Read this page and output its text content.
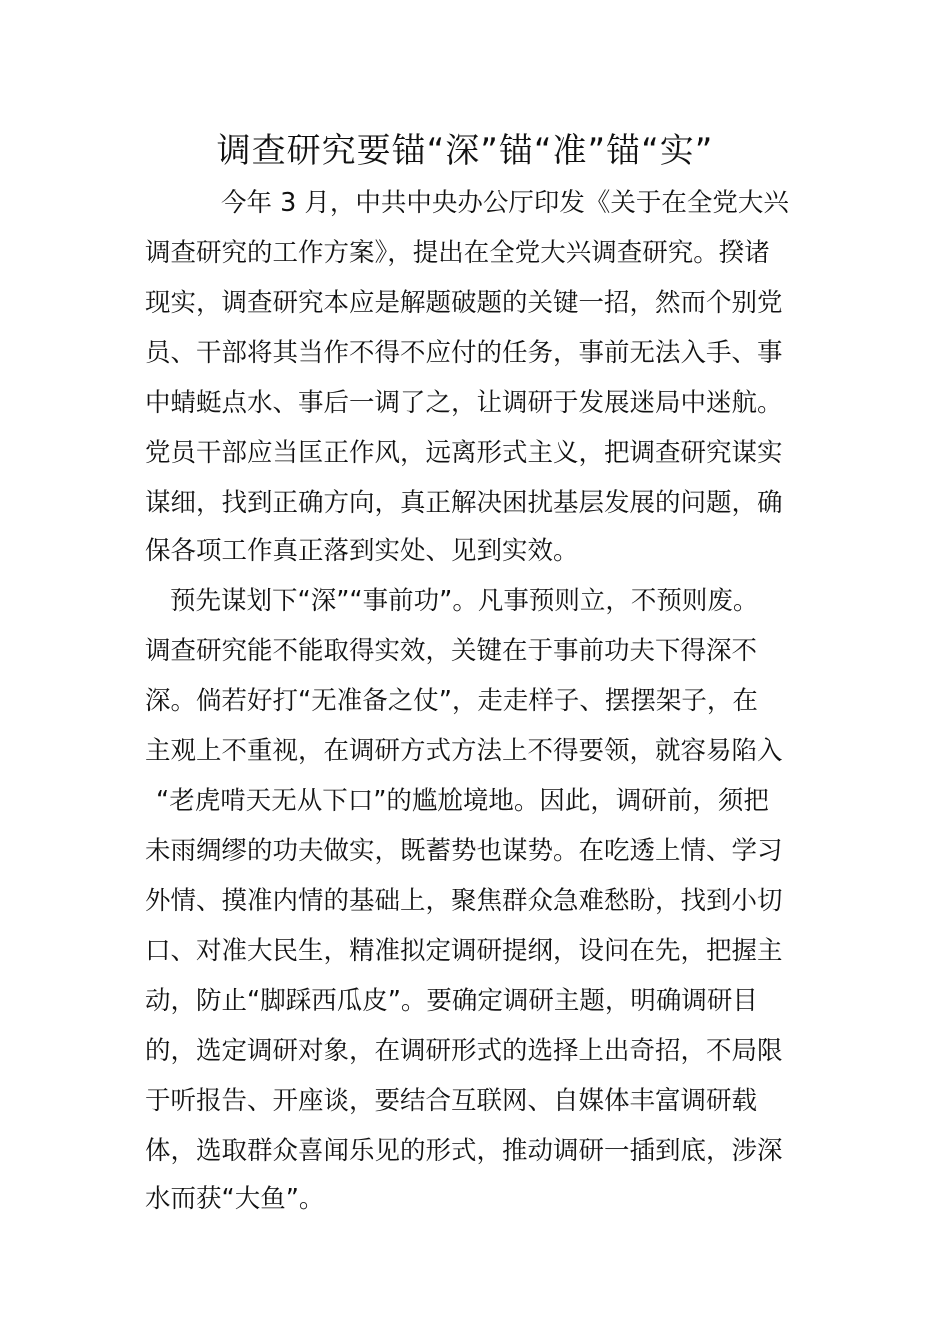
调查研究要锚“深”锚“准”锚“实”

今年 3 月，中共中央办公厅印发《关于在全党大兴

调查研究的工作方案》，提出在全党大兴调查研究。揆诸

现实，调查研究本应是解题破题的关键一招，然而个别党

员、干部将其当作不得不应付的任务，事前无法入手、事

中蜻蜓点水、事后一调了之，让调研于发展迷局中迷航。

党员干部应当匡正作风，远离形式主义，把调查研究谋实

谋细，找到正确方向，真正解决困扰基层发展的问题，确

保各项工作真正落到实处、见到实效。

预先谋划下“深”“事前功”。凡事预则立，不预则废。

调查研究能不能取得实效，关键在于事前功夫下得深不

深。倘若好打“无准备之仗”，走走样子、摆摆架子，在

主观上不重视，在调研方式方法上不得要领，就容易陷入

“老虎啃天无从下口”的尴尬境地。因此，调研前，须把

未雨绸缪的功夫做实，既蓄势也谋势。在吃透上情、学习

外情、摸准内情的基础上，聚焦群众急难愁盼，找到小切

口、对准大民生，精准拟定调研提纲，设问在先，把握主

动，防止“脚踩西瓜皮”。要确定调研主题，明确调研目

的，选定调研对象，在调研形式的选择上出奇招，不局限

于听报告、开座谈，要结合互联网、自媒体丰富调研载

体，选取群众喜闻乐见的形式，推动调研一插到底，涉深

水而获“大鱼”。
